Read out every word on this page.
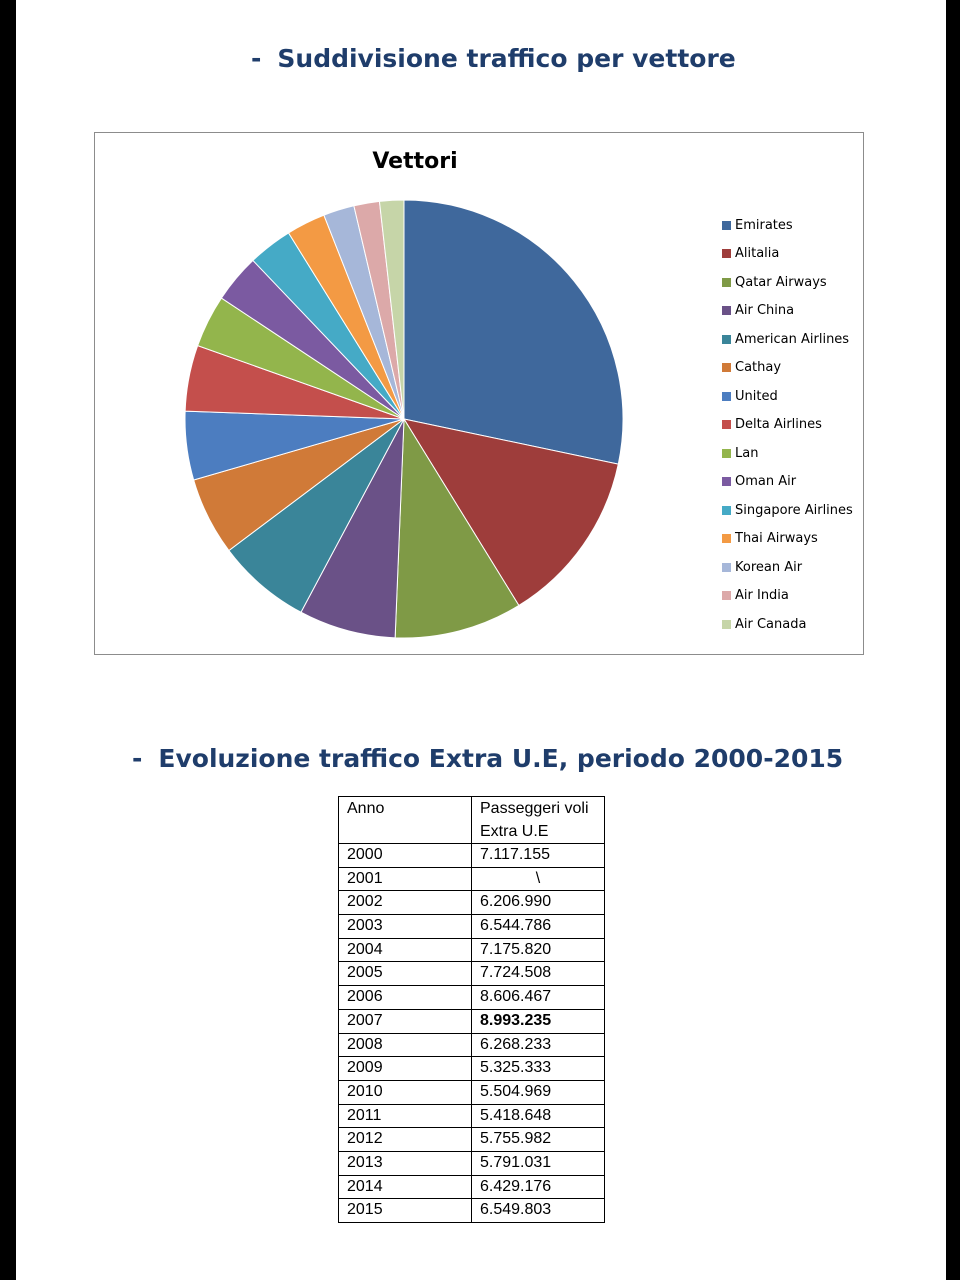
- Suddivisione traffico per vettore
Vettori
Emirates
Alitalia
Qatar Airways
Air China
American Airlines
Cathay
United
Delta Airlines
Lan
Oman Air
Singapore Airlines
Thai Airways
Korean Air
Air India
Air Canada
- Evoluzione traffico Extra U.E, periodo 2000-2015
Anno	Passeggeri voli Extra U.E
2000	7.117.155
2001	\
2002	6.206.990
2003	6.544.786
2004	7.175.820
2005	7.724.508
2006	8.606.467
2007	8.993.235
2008	6.268.233
2009	5.325.333
2010	5.504.969
2011	5.418.648
2012	5.755.982
2013	5.791.031
2014	6.429.176
2015	6.549.803
